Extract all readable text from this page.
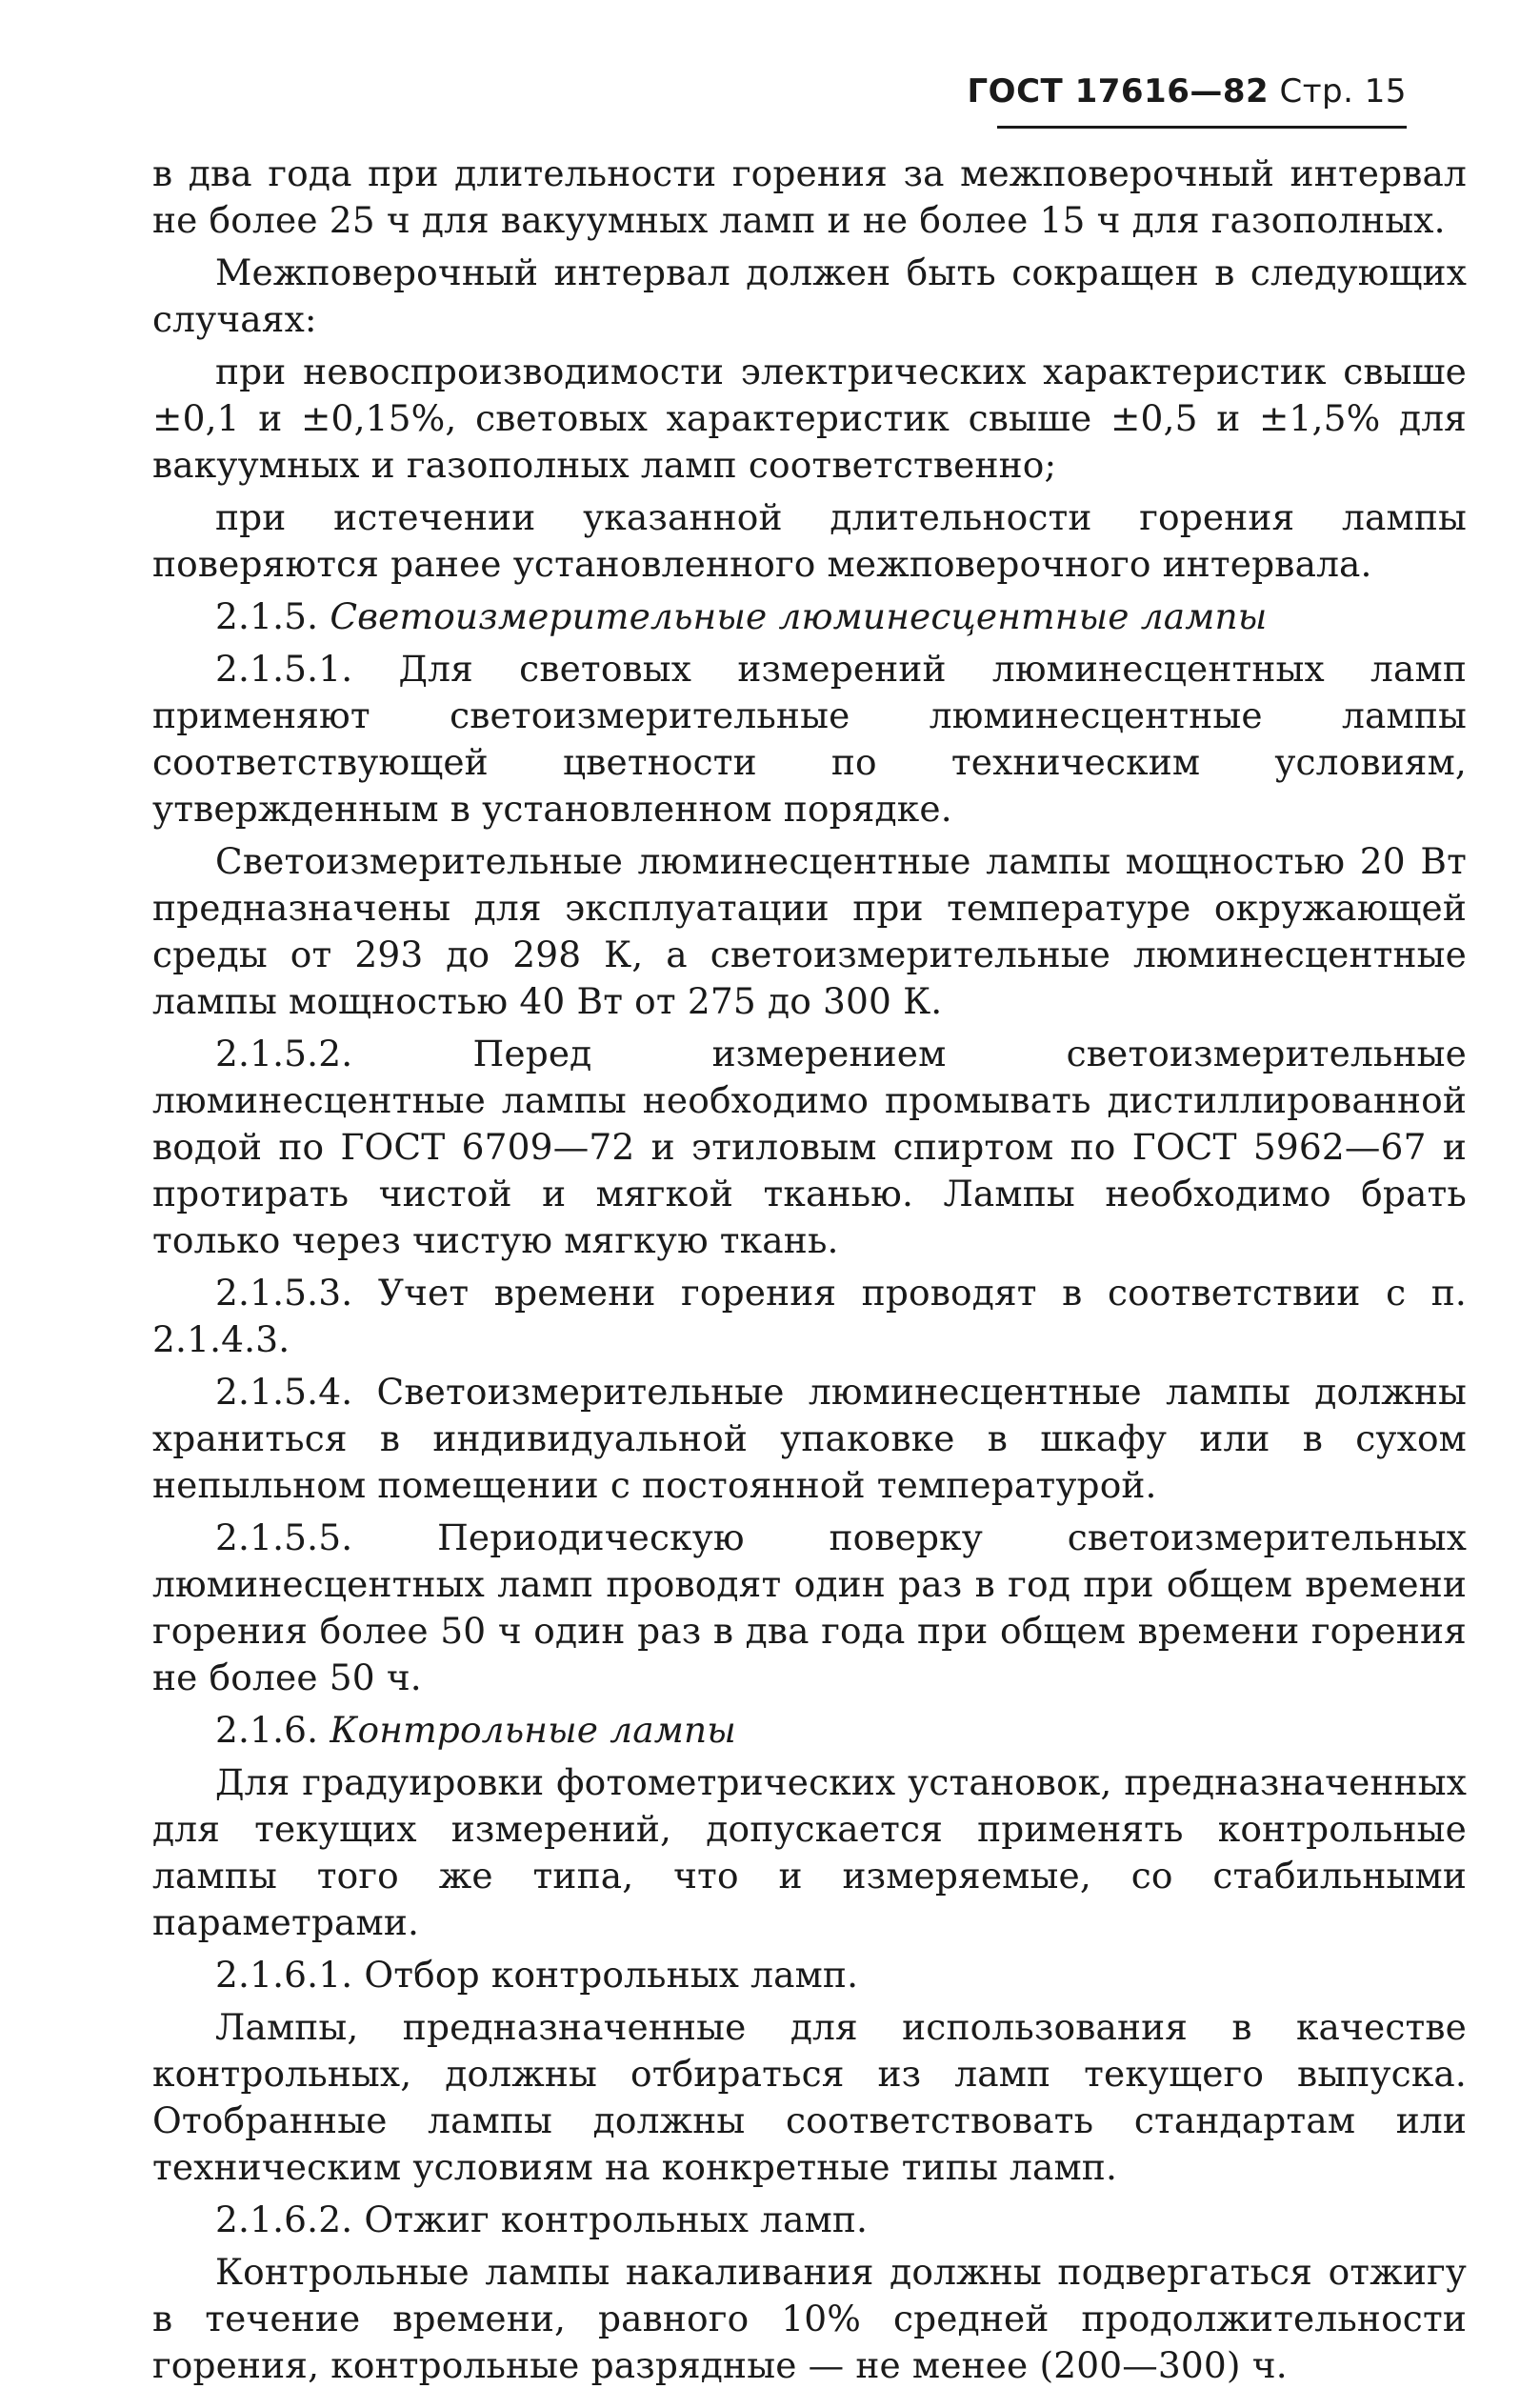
ГОСТ 17616—82 Стр. 15

в два года при длительности горения за межповерочный интервал не более 25 ч для вакуумных ламп и не более 15 ч для газополных.

Межповерочный интервал должен быть сокращен в следующих случаях:

при невоспроизводимости электрических характеристик свыше ±0,1 и ±0,15%, световых характеристик свыше ±0,5 и ±1,5% для вакуумных и газополных ламп соответственно;

при истечении указанной длительности горения лампы поверяются ранее установленного межповерочного интервала.

2.1.5. Светоизмерительные люминесцентные лампы

2.1.5.1. Для световых измерений люминесцентных ламп применяют светоизмерительные люминесцентные лампы соответствующей цветности по техническим условиям, утвержденным в установленном порядке.

Светоизмерительные люминесцентные лампы мощностью 20 Вт предназначены для эксплуатации при температуре окружающей среды от 293 до 298 К, а светоизмерительные люминесцентные лампы мощностью 40 Вт от 275 до 300 К.

2.1.5.2. Перед измерением светоизмерительные люминесцентные лампы необходимо промывать дистиллированной водой по ГОСТ 6709—72 и этиловым спиртом по ГОСТ 5962—67 и протирать чистой и мягкой тканью. Лампы необходимо брать только через чистую мягкую ткань.

2.1.5.3. Учет времени горения проводят в соответствии с п. 2.1.4.3.

2.1.5.4. Светоизмерительные люминесцентные лампы должны храниться в индивидуальной упаковке в шкафу или в сухом непыльном помещении с постоянной температурой.

2.1.5.5. Периодическую поверку светоизмерительных люминесцентных ламп проводят один раз в год при общем времени горения более 50 ч один раз в два года при общем времени горения не более 50 ч.

2.1.6. Контрольные лампы

Для градуировки фотометрических установок, предназначенных для текущих измерений, допускается применять контрольные лампы того же типа, что и измеряемые, со стабильными параметрами.

2.1.6.1. Отбор контрольных ламп.

Лампы, предназначенные для использования в качестве контрольных, должны отбираться из ламп текущего выпуска. Отобранные лампы должны соответствовать стандартам или техническим условиям на конкретные типы ламп.

2.1.6.2. Отжиг контрольных ламп.

Контрольные лампы накаливания должны подвергаться отжигу в течение времени, равного 10% средней продолжительности горения, контрольные разрядные — не менее (200—300) ч.
